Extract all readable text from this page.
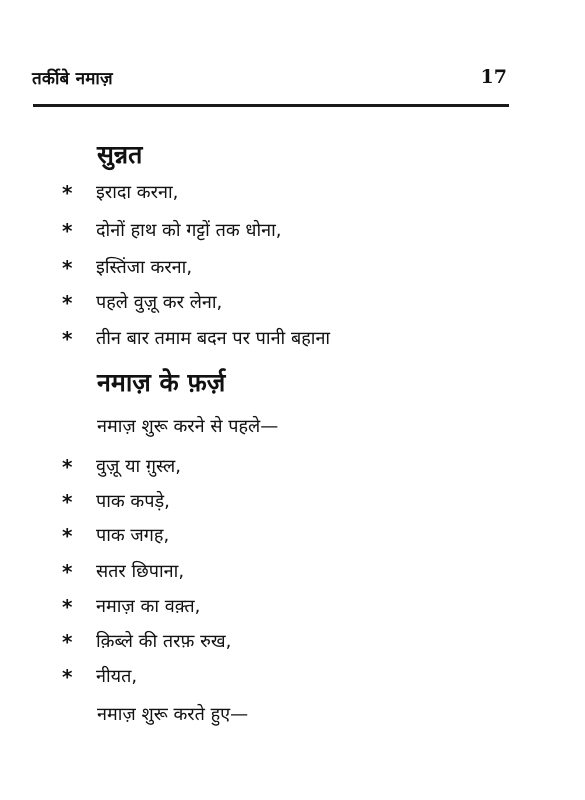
तर्कीबे नमाज़	17
सुन्नत
*	इरादा करना,
*	दोनों हाथ को गट्टों तक धोना,
*	इस्तिंजा करना,
*	पहले वुज़ू कर लेना,
*	तीन बार तमाम बदन पर पानी बहाना
नमाज़ के फ़र्ज़
नमाज़ शुरू करने से पहले—
*	वुज़ू या ग़ुस्ल,
*	पाक कपड़े,
*	पाक जगह,
*	सतर छिपाना,
*	नमाज़ का वक़्त,
*	क़िब्ले की तरफ़ रुख,
*	नीयत,
नमाज़ शुरू करते हुए—
